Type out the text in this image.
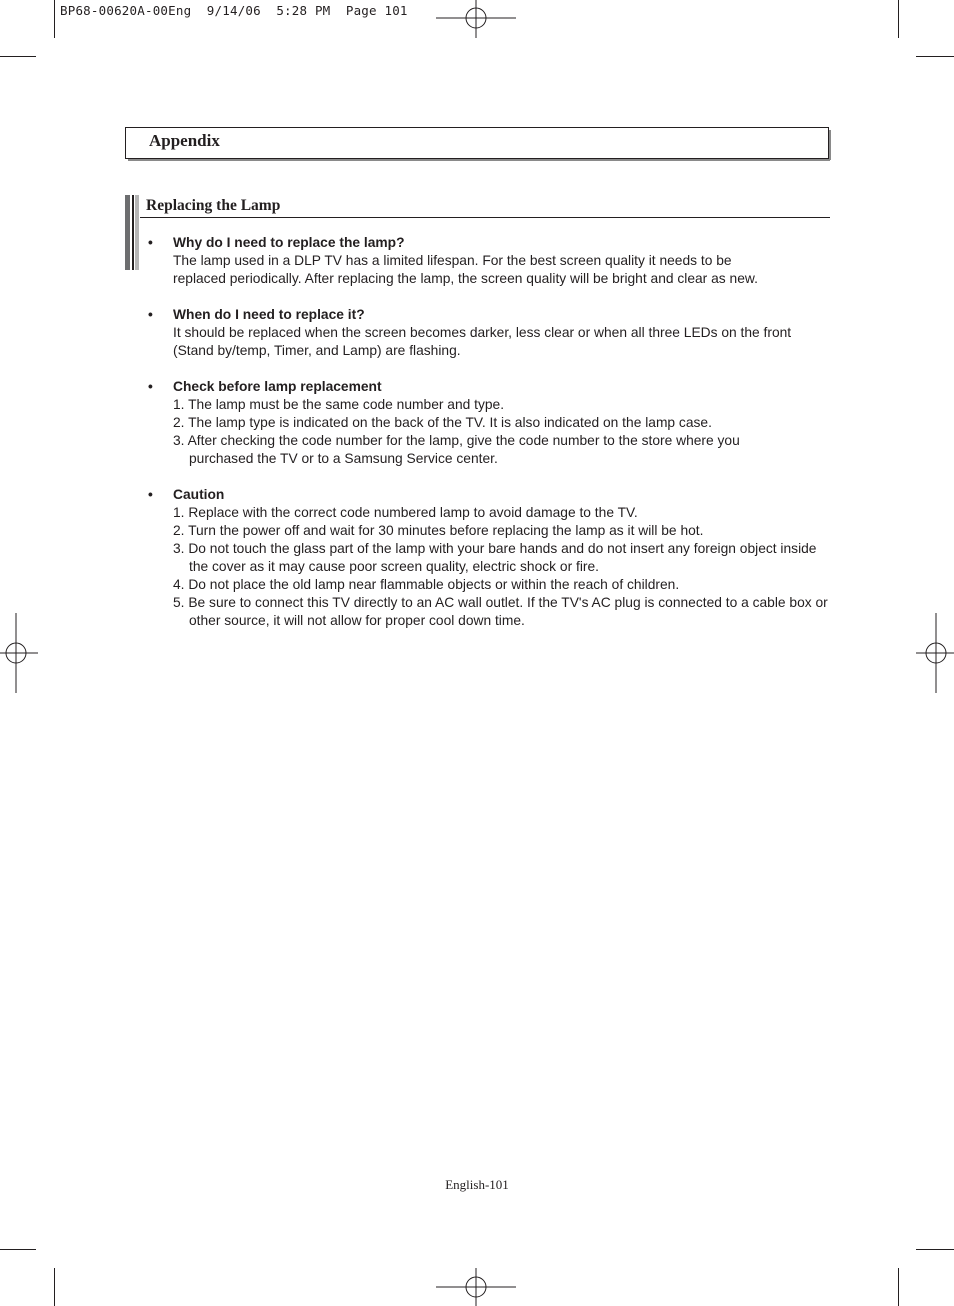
BP68-00620A-00Eng  9/14/06  5:28 PM  Page 101
Appendix
Replacing the Lamp
• Why do I need to replace the lamp?
The lamp used in a DLP TV has a limited lifespan. For the best screen quality it needs to be
replaced periodically. After replacing the lamp, the screen quality will be bright and clear as new.
• When do I need to replace it?
It should be replaced when the screen becomes darker, less clear or when all three LEDs on the front
(Stand by/temp, Timer, and Lamp) are flashing.
• Check before lamp replacement
1. The lamp must be the same code number and type.
2. The lamp type is indicated on the back of the TV. It is also indicated on the lamp case.
3. After checking the code number for the lamp, give the code number to the store where you purchased the TV or to a Samsung Service center.
• Caution
1. Replace with the correct code numbered lamp to avoid damage to the TV.
2. Turn the power off and wait for 30 minutes before replacing the lamp as it will be hot.
3. Do not touch the glass part of the lamp with your bare hands and do not insert any foreign object inside the cover as it may cause poor screen quality, electric shock or fire.
4. Do not place the old lamp near flammable objects or within the reach of children.
5. Be sure to connect this TV directly to an AC wall outlet. If the TV's AC plug is connected to a cable box or other source, it will not allow for proper cool down time.
English-101
